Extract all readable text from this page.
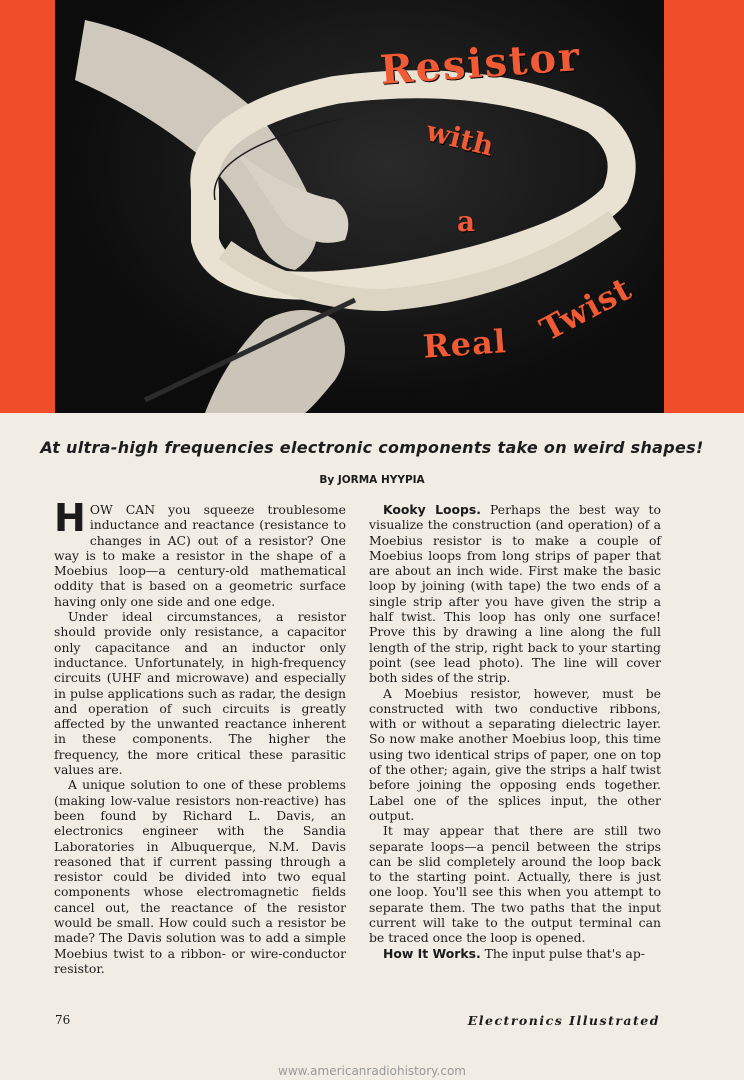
Resistor
with
a
Real Twist
At ultra-high frequencies electronic components take on weird shapes!
By JORMA HYYPIA

HOW CAN you squeeze troublesome inductance and reactance (resistance to changes in AC) out of a resistor? One way is to make a resistor in the shape of a Moebius loop—a century-old mathematical oddity that is based on a geometric surface having only one side and one edge.

Under ideal circumstances, a resistor should provide only resistance, a capacitor only capacitance and an inductor only inductance. Unfortunately, in high-frequency circuits (UHF and microwave) and especially in pulse applications such as radar, the design and operation of such circuits is greatly affected by the unwanted reactance inherent in these components. The higher the frequency, the more critical these parasitic values are.

A unique solution to one of these problems (making low-value resistors non-reactive) has been found by Richard L. Davis, an electronics engineer with the Sandia Laboratories in Albuquerque, N.M. Davis reasoned that if current passing through a resistor could be divided into two equal components whose electromagnetic fields cancel out, the reactance of the resistor would be small. How could such a resistor be made? The Davis solution was to add a simple Moebius twist to a ribbon- or wire-conductor resistor.

Kooky Loops. Perhaps the best way to visualize the construction (and operation) of a Moebius resistor is to make a couple of Moebius loops from long strips of paper that are about an inch wide. First make the basic loop by joining (with tape) the two ends of a single strip after you have given the strip a half twist. This loop has only one surface! Prove this by drawing a line along the full length of the strip, right back to your starting point (see lead photo). The line will cover both sides of the strip.

A Moebius resistor, however, must be constructed with two conductive ribbons, with or without a separating dielectric layer. So now make another Moebius loop, this time using two identical strips of paper, one on top of the other; again, give the strips a half twist before joining the opposing ends together. Label one of the splices input, the other output.

It may appear that there are still two separate loops—a pencil between the strips can be slid completely around the loop back to the starting point. Actually, there is just one loop. You'll see this when you attempt to separate them. The two paths that the input current will take to the output terminal can be traced once the loop is opened.

How It Works. The input pulse that's ap-

76	Electronics Illustrated
www.americanradiohistory.com
